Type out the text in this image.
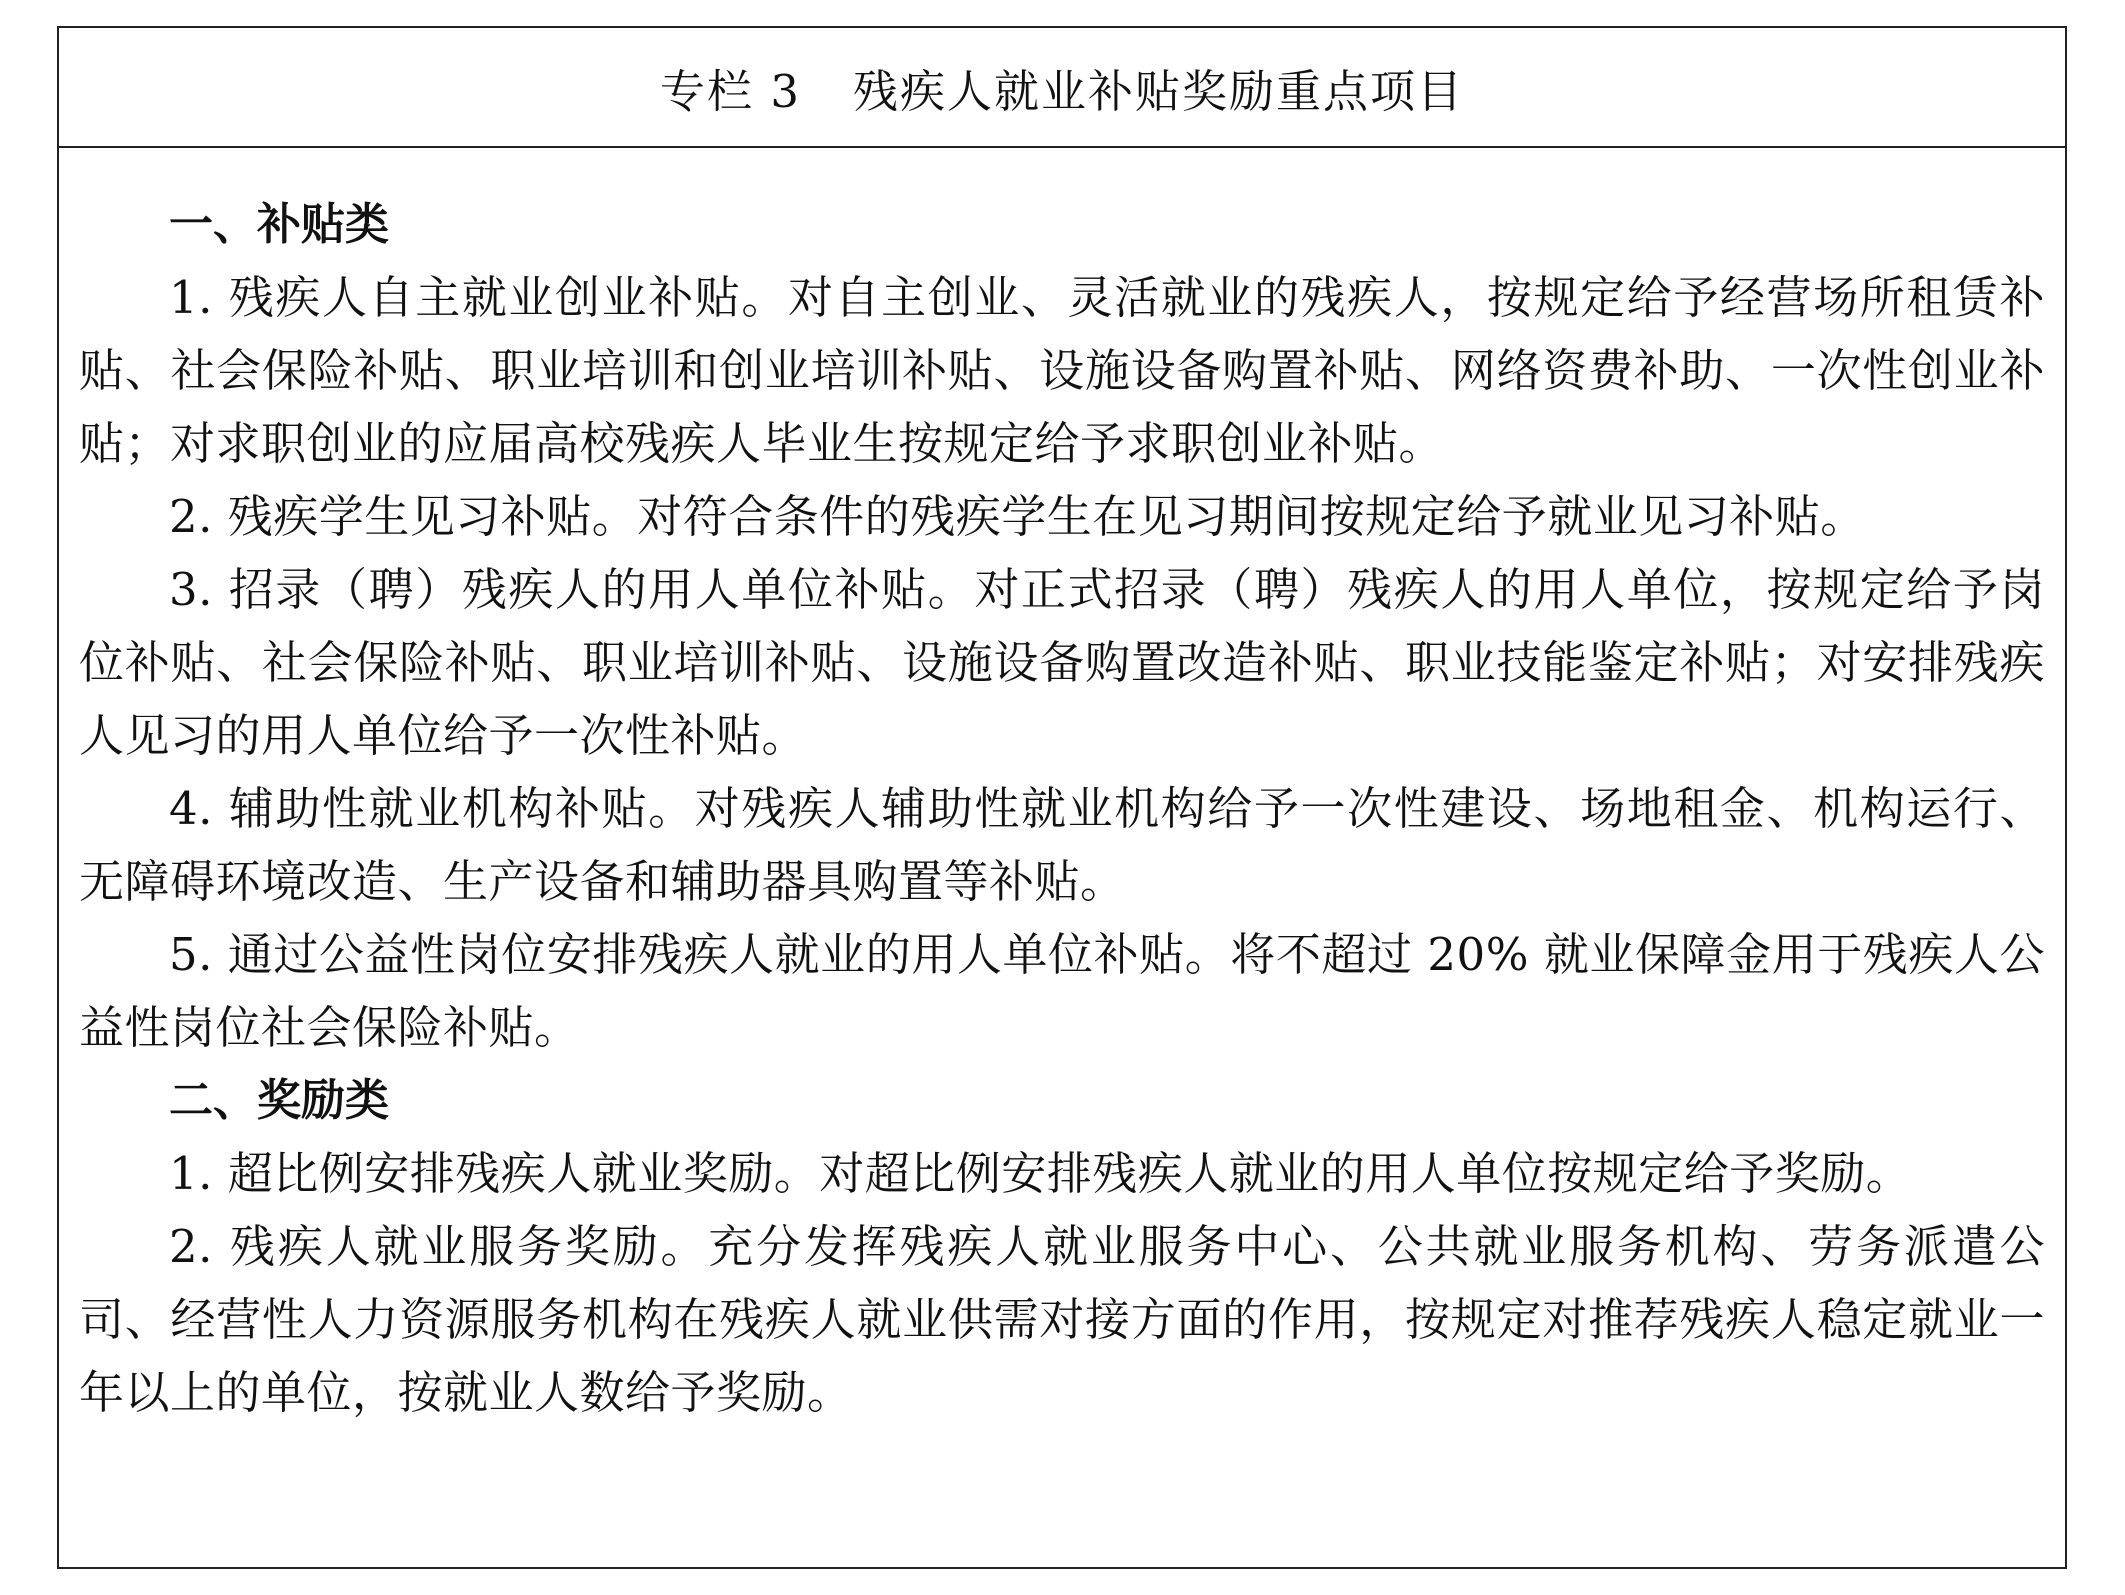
专栏 3 残疾人就业补贴奖励重点项目

一、补贴类

1. 残疾人自主就业创业补贴。对自主创业、灵活就业的残疾人，按规定给予经营场所租赁补贴、社会保险补贴、职业培训和创业培训补贴、设施设备购置补贴、网络资费补助、一次性创业补贴；对求职创业的应届高校残疾人毕业生按规定给予求职创业补贴。

2. 残疾学生见习补贴。对符合条件的残疾学生在见习期间按规定给予就业见习补贴。

3. 招录（聘）残疾人的用人单位补贴。对正式招录（聘）残疾人的用人单位，按规定给予岗位补贴、社会保险补贴、职业培训补贴、设施设备购置改造补贴、职业技能鉴定补贴；对安排残疾人见习的用人单位给予一次性补贴。

4. 辅助性就业机构补贴。对残疾人辅助性就业机构给予一次性建设、场地租金、机构运行、无障碍环境改造、生产设备和辅助器具购置等补贴。

5. 通过公益性岗位安排残疾人就业的用人单位补贴。将不超过 20% 就业保障金用于残疾人公益性岗位社会保险补贴。

二、奖励类

1. 超比例安排残疾人就业奖励。对超比例安排残疾人就业的用人单位按规定给予奖励。

2. 残疾人就业服务奖励。充分发挥残疾人就业服务中心、公共就业服务机构、劳务派遣公司、经营性人力资源服务机构在残疾人就业供需对接方面的作用，按规定对推荐残疾人稳定就业一年以上的单位，按就业人数给予奖励。
